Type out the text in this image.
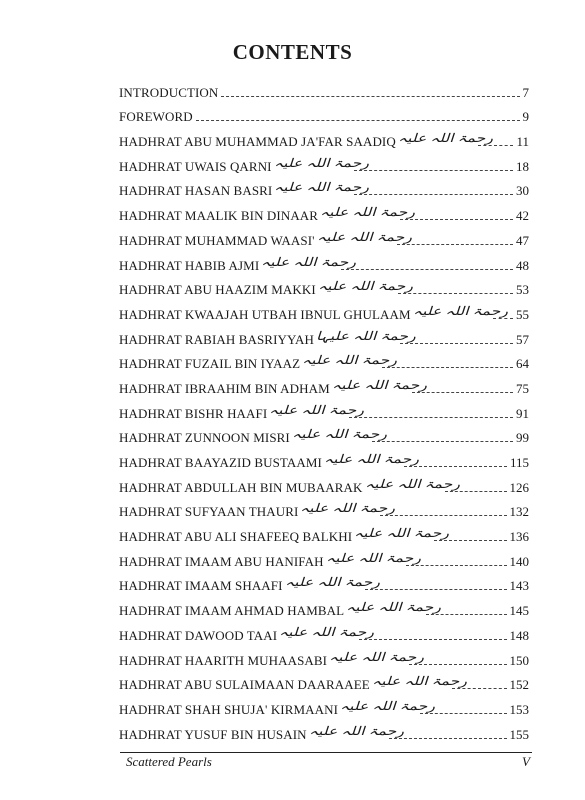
CONTENTS
INTRODUCTION	7
FOREWORD	9
HADHRAT ABU MUHAMMAD JA'FAR SAADIQ رحمۃ اللہ علیہ	11
HADHRAT UWAIS QARNI رحمۃ اللہ علیہ	18
HADHRAT HASAN BASRI رحمۃ اللہ علیہ	30
HADHRAT MAALIK BIN DINAAR رحمۃ اللہ علیہ	42
HADHRAT MUHAMMAD WAASI' رحمۃ اللہ علیہ	47
HADHRAT HABIB AJMI رحمۃ اللہ علیہ	48
HADHRAT ABU HAAZIM MAKKI رحمۃ اللہ علیہ	53
HADHRAT KWAAJAH UTBAH IBNUL GHULAAM رحمۃ اللہ علیہ 55
HADHRAT RABIAH BASRIYYAH رحمۃ اللہ علیہا	57
HADHRAT FUZAIL BIN IYAAZ رحمۃ اللہ علیہ	64
HADHRAT IBRAAHIM BIN ADHAM رحمۃ اللہ علیہ	75
HADHRAT BISHR HAAFI رحمۃ اللہ علیہ	91
HADHRAT ZUNNOON MISRI رحمۃ اللہ علیہ	99
HADHRAT BAAYAZID BUSTAAMI رحمۃ اللہ علیہ	115
HADHRAT ABDULLAH BIN MUBAARAK رحمۃ اللہ علیہ	126
HADHRAT SUFYAAN THAURI رحمۃ اللہ علیہ	132
HADHRAT ABU ALI SHAFEEQ BALKHI رحمۃ اللہ علیہ	136
HADHRAT IMAAM ABU HANIFAH رحمۃ اللہ علیہ	140
HADHRAT IMAAM SHAAFI رحمۃ اللہ علیہ	143
HADHRAT IMAAM AHMAD HAMBAL رحمۃ اللہ علیہ	145
HADHRAT DAWOOD TAAI رحمۃ اللہ علیہ	148
HADHRAT HAARITH MUHAASABI رحمۃ اللہ علیہ	150
HADHRAT ABU SULAIMAAN DAARAAEE رحمۃ اللہ علیہ	152
HADHRAT SHAH SHUJA' KIRMAANI رحمۃ اللہ علیہ	153
HADHRAT YUSUF BIN HUSAIN رحمۃ اللہ علیہ	155
Scattered Pearls	V
